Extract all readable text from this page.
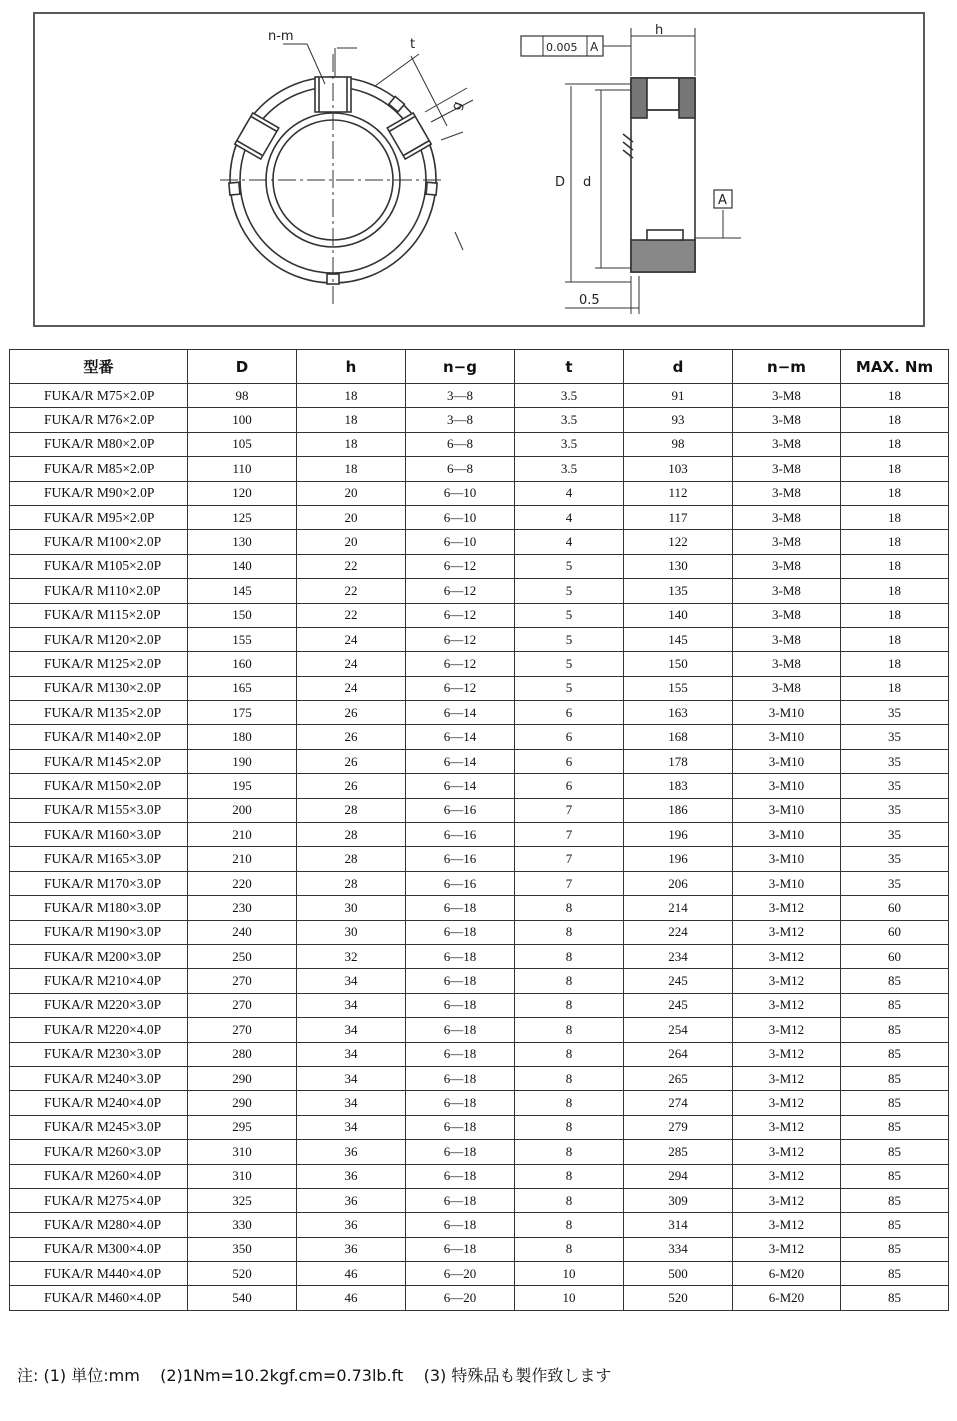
n-m
t
g
h
D d
A
0.005 A
0.5
型番	D	h	n−g	t	d	n−m	MAX. Nm
FUKA/R M75×2.0P	98	18	3—8	3.5	91	3-M8	18
FUKA/R M76×2.0P	100	18	3—8	3.5	93	3-M8	18
FUKA/R M80×2.0P	105	18	6—8	3.5	98	3-M8	18
FUKA/R M85×2.0P	110	18	6—8	3.5	103	3-M8	18
FUKA/R M90×2.0P	120	20	6—10	4	112	3-M8	18
FUKA/R M95×2.0P	125	20	6—10	4	117	3-M8	18
FUKA/R M100×2.0P	130	20	6—10	4	122	3-M8	18
FUKA/R M105×2.0P	140	22	6—12	5	130	3-M8	18
FUKA/R M110×2.0P	145	22	6—12	5	135	3-M8	18
FUKA/R M115×2.0P	150	22	6—12	5	140	3-M8	18
FUKA/R M120×2.0P	155	24	6—12	5	145	3-M8	18
FUKA/R M125×2.0P	160	24	6—12	5	150	3-M8	18
FUKA/R M130×2.0P	165	24	6—12	5	155	3-M8	18
FUKA/R M135×2.0P	175	26	6—14	6	163	3-M10	35
FUKA/R M140×2.0P	180	26	6—14	6	168	3-M10	35
FUKA/R M145×2.0P	190	26	6—14	6	178	3-M10	35
FUKA/R M150×2.0P	195	26	6—14	6	183	3-M10	35
FUKA/R M155×3.0P	200	28	6—16	7	186	3-M10	35
FUKA/R M160×3.0P	210	28	6—16	7	196	3-M10	35
FUKA/R M165×3.0P	210	28	6—16	7	196	3-M10	35
FUKA/R M170×3.0P	220	28	6—16	7	206	3-M10	35
FUKA/R M180×3.0P	230	30	6—18	8	214	3-M12	60
FUKA/R M190×3.0P	240	30	6—18	8	224	3-M12	60
FUKA/R M200×3.0P	250	32	6—18	8	234	3-M12	60
FUKA/R M210×4.0P	270	34	6—18	8	245	3-M12	85
FUKA/R M220×3.0P	270	34	6—18	8	245	3-M12	85
FUKA/R M220×4.0P	270	34	6—18	8	254	3-M12	85
FUKA/R M230×3.0P	280	34	6—18	8	264	3-M12	85
FUKA/R M240×3.0P	290	34	6—18	8	265	3-M12	85
FUKA/R M240×4.0P	290	34	6—18	8	274	3-M12	85
FUKA/R M245×3.0P	295	34	6—18	8	279	3-M12	85
FUKA/R M260×3.0P	310	36	6—18	8	285	3-M12	85
FUKA/R M260×4.0P	310	36	6—18	8	294	3-M12	85
FUKA/R M275×4.0P	325	36	6—18	8	309	3-M12	85
FUKA/R M280×4.0P	330	36	6—18	8	314	3-M12	85
FUKA/R M300×4.0P	350	36	6—18	8	334	3-M12	85
FUKA/R M440×4.0P	520	46	6—20	10	500	6-M20	85
FUKA/R M460×4.0P	540	46	6—20	10	520	6-M20	85
注: (1) 単位:mm    (2)1Nm=10.2kgf.cm=0.73lb.ft    (3) 特殊品も製作致します
